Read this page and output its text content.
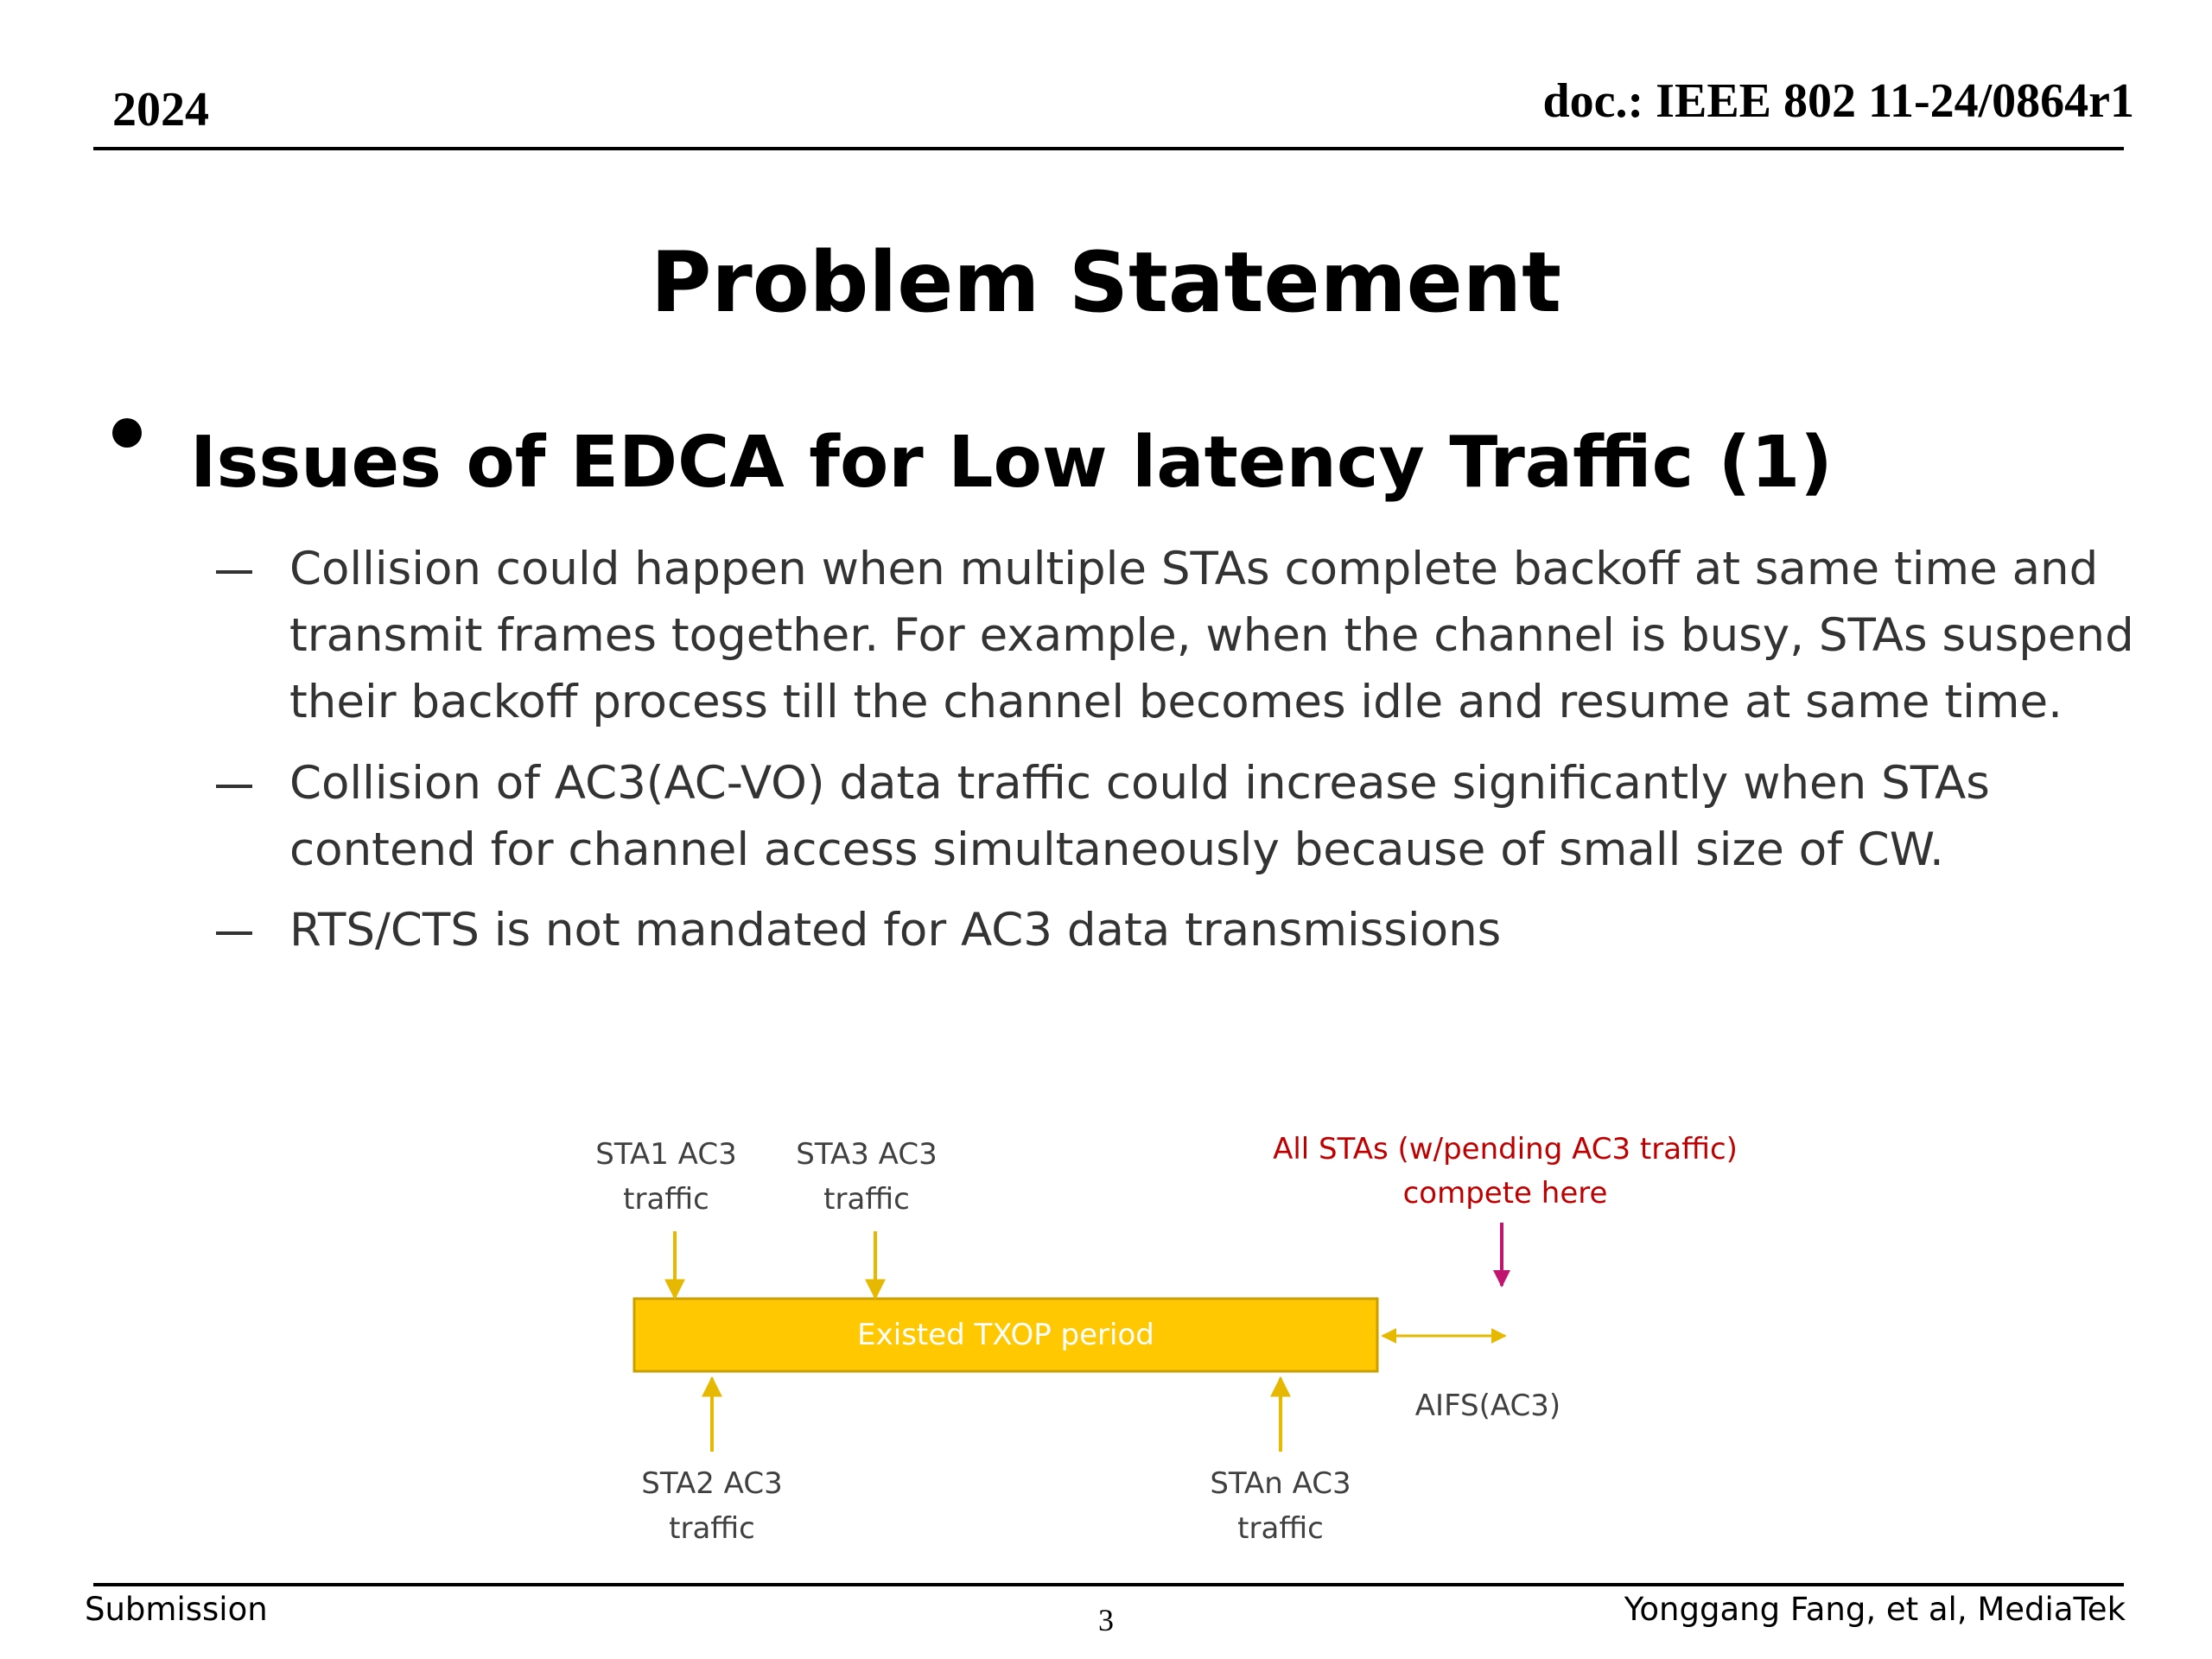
2024	doc.: IEEE 802 11-24/0864r1
Problem Statement
Issues of EDCA for Low latency Traffic (1)
Collision could happen when multiple STAs complete backoff at same time and transmit frames together. For example, when the channel is busy, STAs suspend their backoff process till the channel becomes idle and resume at same time.
Collision of AC3(AC-VO) data traffic could increase significantly when STAs contend for channel access simultaneously because of small size of CW.
RTS/CTS is not mandated for AC3 data transmissions
Existed TXOP period
STA1 AC3
traffic
STA3 AC3
traffic
STA2 AC3
traffic
STAn AC3
traffic
AIFS(AC3)
All STAs (w/pending AC3 traffic)
compete here
Submission	3	Yonggang Fang, et al, MediaTek
